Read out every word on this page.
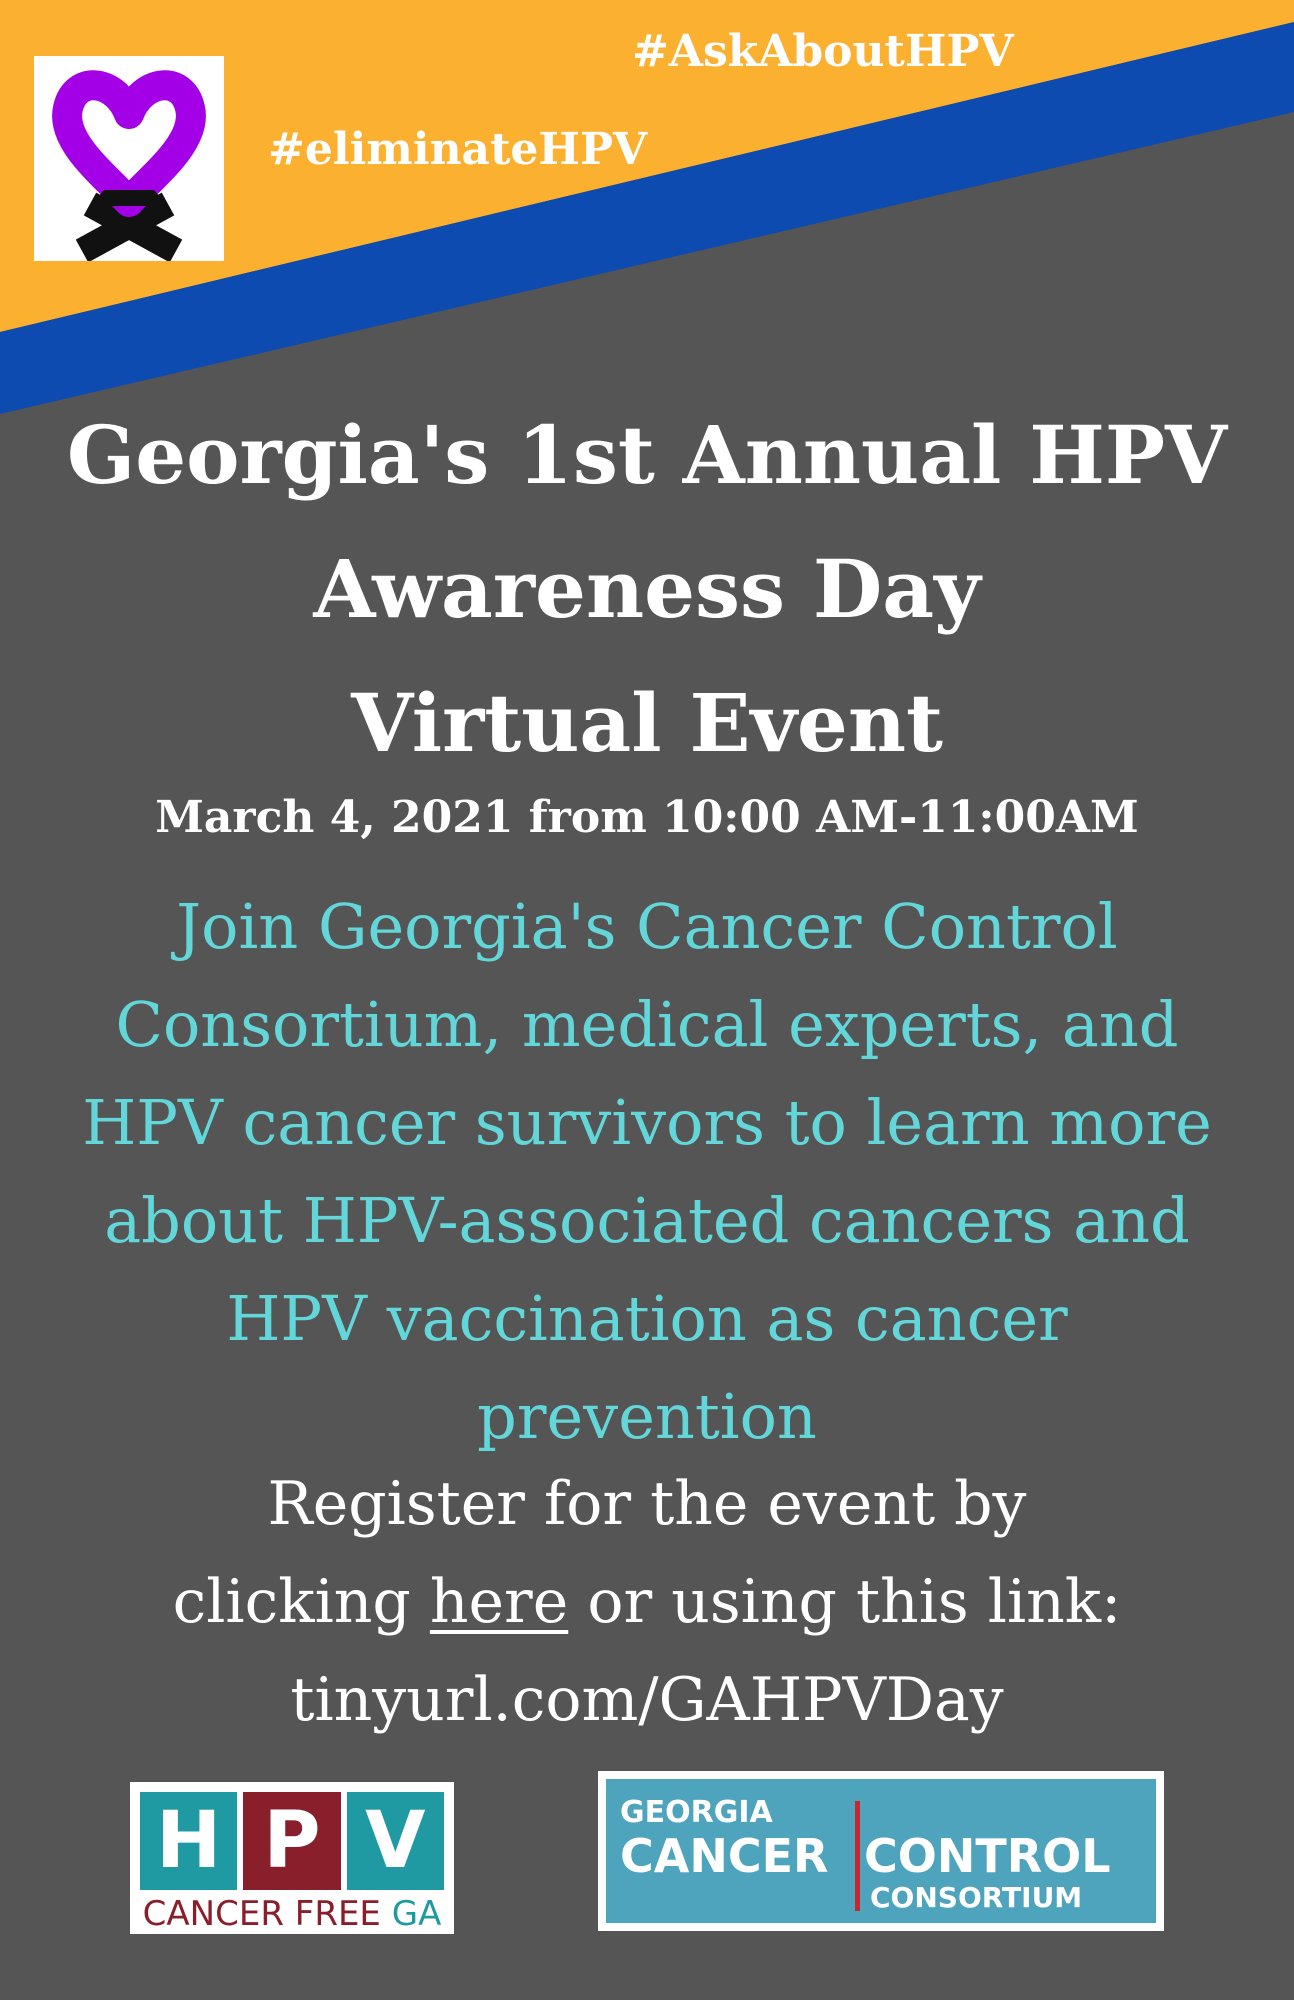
#AskAboutHPV
#eliminateHPV
Georgia's 1st Annual HPV
Awareness Day
Virtual Event
March 4, 2021 from 10:00 AM-11:00AM
Join Georgia's Cancer Control
Consortium, medical experts, and
HPV cancer survivors to learn more
about HPV-associated cancers and
HPV vaccination as cancer
prevention
Register for the event by
clicking here or using this link:
tinyurl.com/GAHPVDay
H P V
CANCER FREE GA
GEORGIA
CANCER CONTROL
CONSORTIUM
